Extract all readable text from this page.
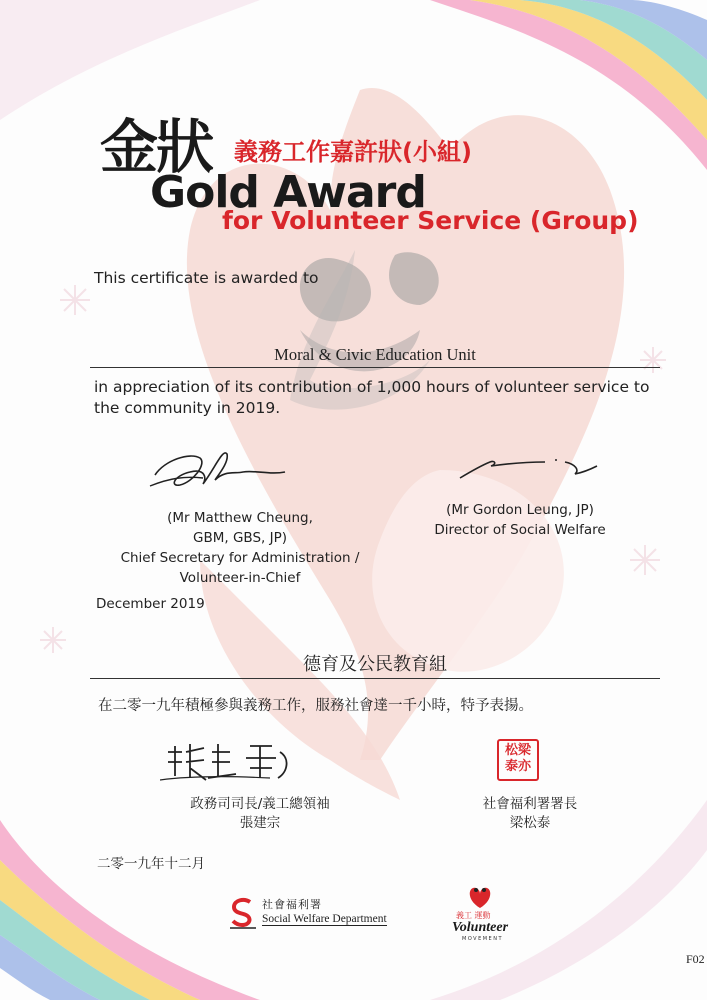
金狀 義務工作嘉許狀(小組)
Gold Award
for Volunteer Service (Group)
This certificate is awarded to
Moral & Civic Education Unit
in appreciation of its contribution of 1,000 hours of volunteer service to the community in 2019.
(Mr Matthew Cheung,
GBM, GBS, JP)
Chief Secretary for Administration /
Volunteer-in-Chief
(Mr Gordon Leung, JP)
Director of Social Welfare
December 2019
德育及公民教育組
在二零一九年積極參與義務工作，服務社會達一千小時，特予表揚。
松梁泰亦
政務司司長/義工總領袖
張建宗
社會福利署署長
梁松泰
二零一九年十二月
社會福利署
Social Welfare Department	義工 運動
Volunteer
MOVEMENT
F02
